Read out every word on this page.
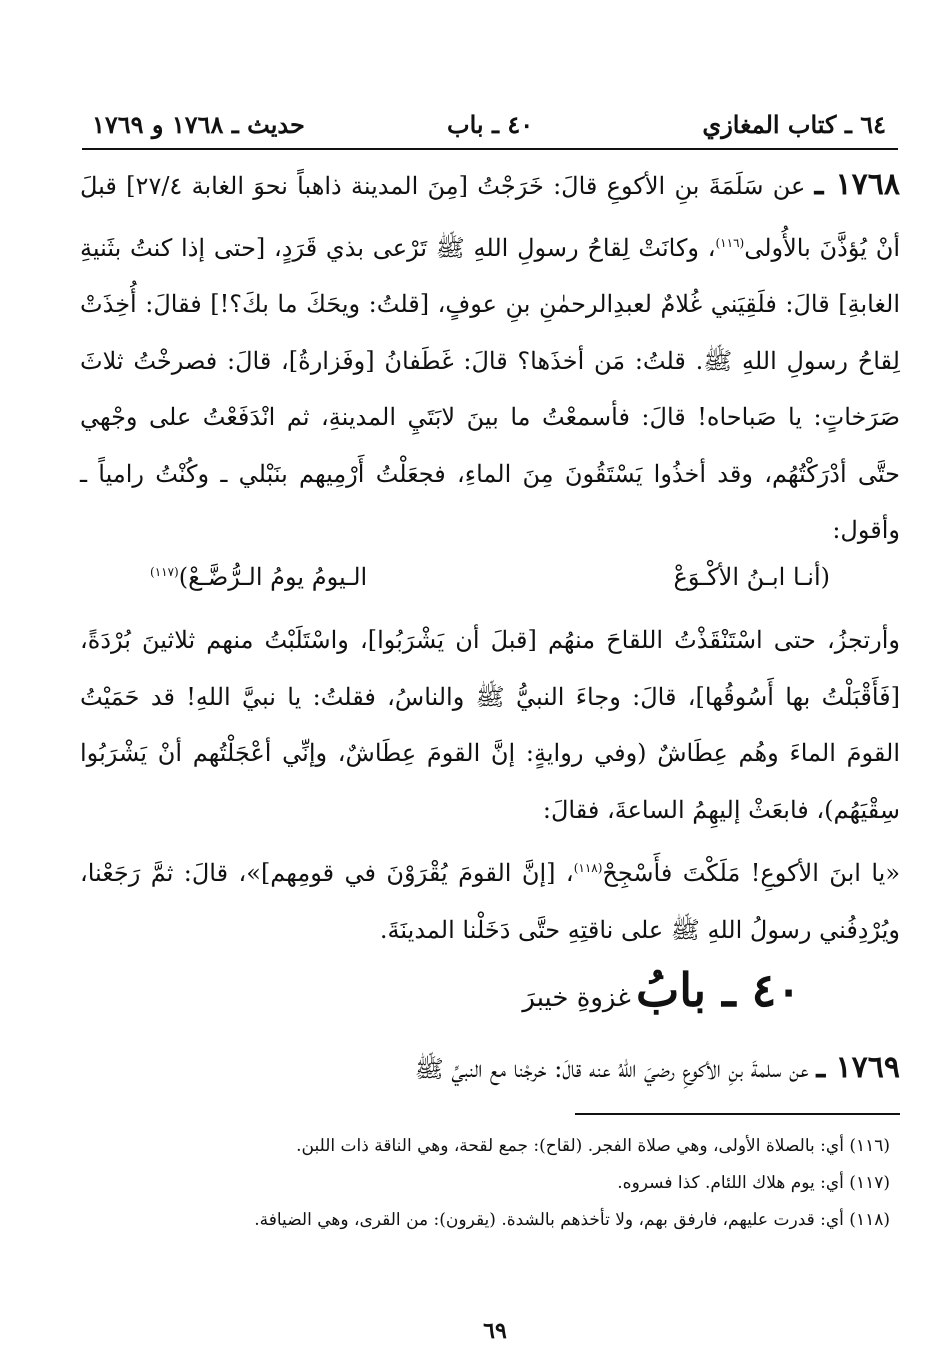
٦٤ ـ كتاب المغازي
٤٠ ـ باب
حديث ـ ١٧٦٨ و ١٧٦٩
١٧٦٨ ـ عن سَلَمَةَ بنِ الأكوعِ قالَ: خَرَجْتُ [مِنَ المدينة ذاهباً نحوَ الغابة ٢٧/٤] قبلَ أنْ يُؤذَّنَ بالأُولى$^{(١١٦)}$، وكانَتْ لِقاحُ رسولِ اللهِ ﷺ تَرْعى بذي قَرَدٍ، [حتى إذا كنتُ بثَنيةِ الغابةِ] قالَ: فلَقِيَني غُلامٌ لعبدِالرحمٰنِ بنِ عوفٍ، [قلتُ: ويحَكَ ما بكَ؟!] فقالَ: أُخِذَتْ لِقاحُ رسولِ اللهِ ﷺ. قلتُ: مَن أخذَها؟ قالَ: غَطَفانُ [وفَزارةُ]، قالَ: فصرخْتُ ثلاثَ صَرَخاتٍ: يا صَباحاه! قالَ: فأسمعْتُ ما بينَ لابَتَيِ المدينةِ، ثم انْدَفَعْتُ على وجْهي حتَّى أدْرَكْتُهُم، وقد أخذُوا يَسْتَقُونَ مِنَ الماءِ، فجعَلْتُ أَرْمِيهم بنَبْلي ـ وكُنْتُ رامياً ـ وأقول:
(أنـا ابـنُ الأكْـوَعْ
الـيومُ يومُ الـرُّضَّـعْ)$^{(١١٧)}$
وأرتجزُ، حتى اسْتَنْقَذْتُ اللقاحَ منهُم [قبلَ أن يَشْرَبُوا]، واسْتَلَبْتُ منهم ثلاثينَ بُرْدَةً، [فَأَقْبَلْتُ بها أَسُوقُها]، قالَ: وجاءَ النبيُّ ﷺ والناسُ، فقلتُ: يا نبيَّ اللهِ! قد حَمَيْتُ القومَ الماءَ وهُم عِطَاشٌ (وفي روايةٍ: إنَّ القومَ عِطَاشٌ، وإنِّي أعْجَلْتُهم أنْ يَشْرَبُوا سِقْيَهُم)، فابعَثْ إليهِمُ الساعةَ، فقالَ:
«يا ابنَ الأكوعِ! مَلَكْتَ فأَسْجِحْ$^{(١١٨)}$، [إنَّ القومَ يُقْرَوْنَ في قومِهم]»، قالَ: ثمَّ رَجَعْنا، ويُرْدِفُني رسولُ اللهِ ﷺ على ناقتِهِ حتَّى دَخَلْنا المدينَةَ.
٤٠ ـ بابُ غزوةِ خيبرَ
١٧٦٩ ـ عن سلمةَ بنِ الأكوعِ رضيَ اللهُ عنه قالَ: خرجْنا مع النبيِّ ﷺ

(١١٦) أي: بالصلاة الأولى، وهي صلاة الفجر. (لقاح): جمع لقحة، وهي الناقة ذات اللبن.

(١١٧) أي: يوم هلاك اللئام. كذا فسروه.

(١١٨) أي: قدرت عليهم، فارفق بهم، ولا تأخذهم بالشدة. (يقرون): من القرى، وهي الضيافة.

٦٩
